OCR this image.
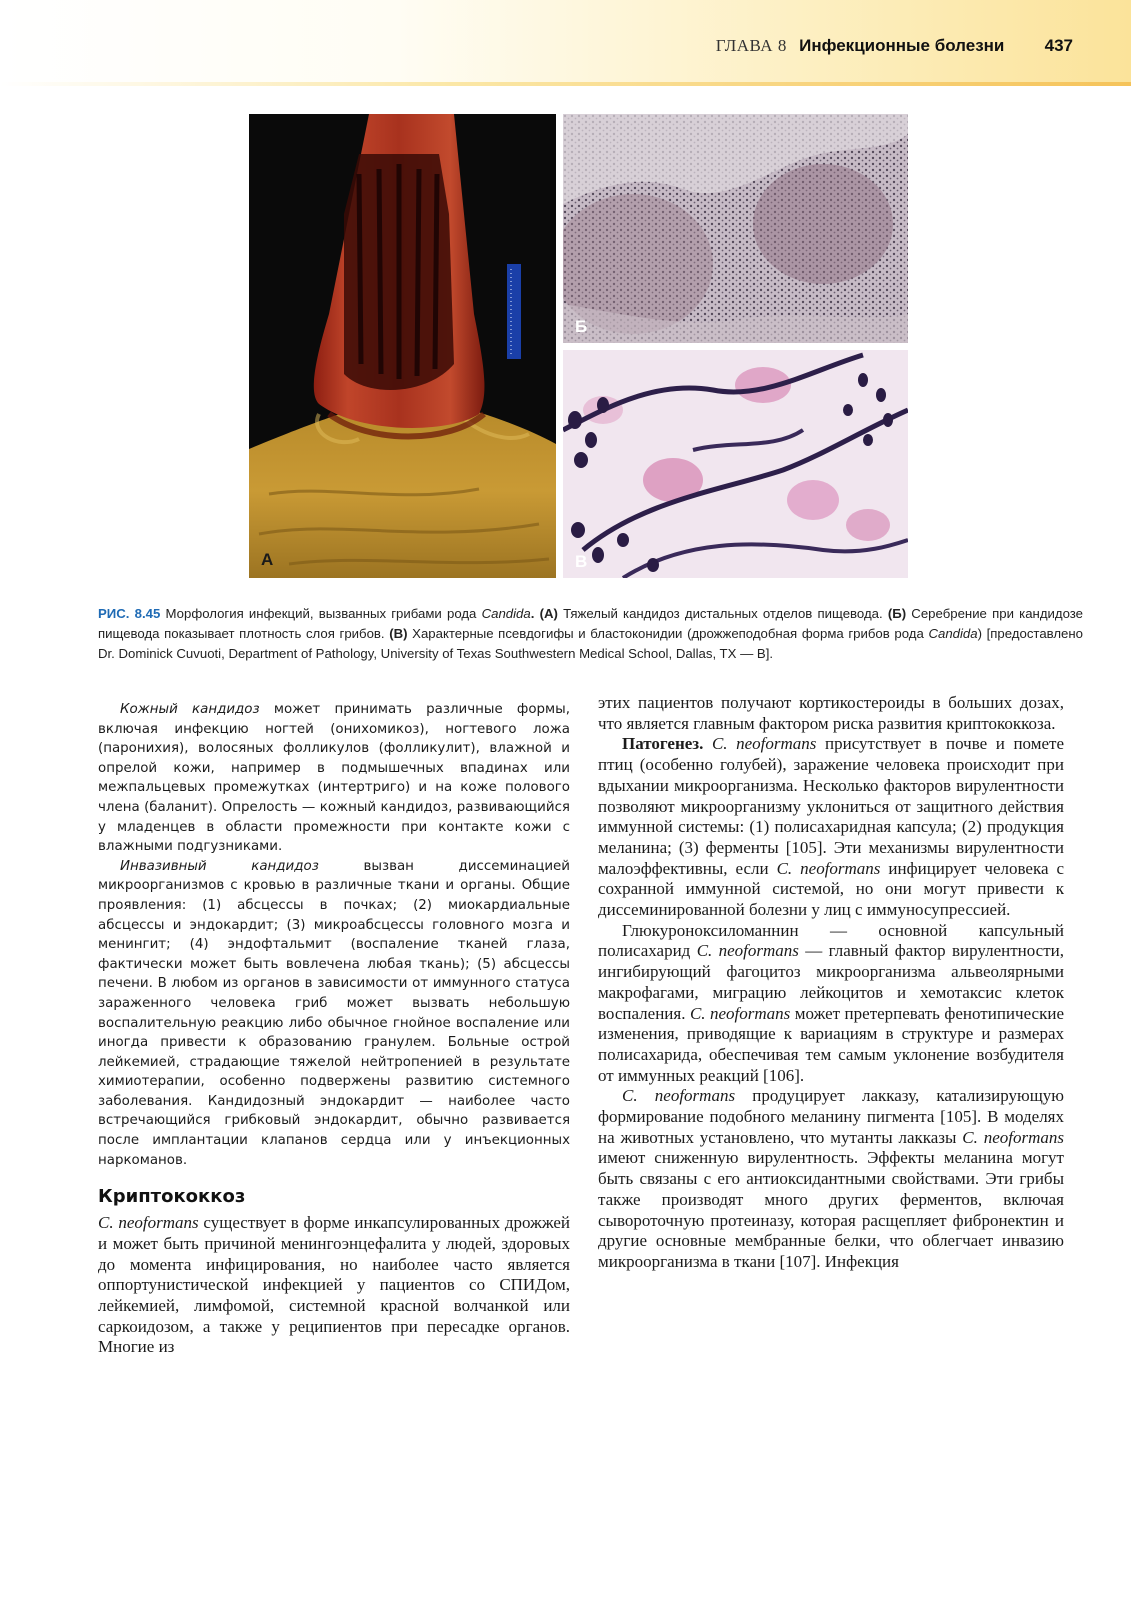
ГЛАВА 8 Инфекционные болезни 437
А
Б
В

РИС. 8.45 Морфология инфекций, вызванных грибами рода Candida. (А) Тяжелый кандидоз дистальных отделов пищевода. (Б) Серебрение при кандидозе пищевода показывает плотность слоя грибов. (В) Характерные псевдогифы и бластоконидии (дрожжеподобная форма грибов рода Candida) [предоставлено Dr. Dominick Cuvuoti, Department of Pathology, University of Texas Southwestern Medical School, Dallas, TX — В].

Кожный кандидоз может принимать различные формы, включая инфекцию ногтей (онихомикоз), ногтевого ложа (паронихия), волосяных фолликулов (фолликулит), влажной и опрелой кожи, например в подмышечных впадинах или межпальцевых промежутках (интертриго) и на коже полового члена (баланит). Опрелость — кожный кандидоз, развивающийся у младенцев в области промежности при контакте кожи с влажными подгузниками.

Инвазивный кандидоз вызван диссеминацией микроорганизмов с кровью в различные ткани и органы. Общие проявления: (1) абсцессы в почках; (2) миокардиальные абсцессы и эндокардит; (3) микроабсцессы головного мозга и менингит; (4) эндофтальмит (воспаление тканей глаза, фактически может быть вовлечена любая ткань); (5) абсцессы печени. В любом из органов в зависимости от иммунного статуса зараженного человека гриб может вызвать небольшую воспалительную реакцию либо обычное гнойное воспаление или иногда привести к образованию гранулем. Больные острой лейкемией, страдающие тяжелой нейтропенией в результате химиотерапии, особенно подвержены развитию системного заболевания. Кандидозный эндокардит — наиболее часто встречающийся грибковый эндокардит, обычно развивается после имплантации клапанов сердца или у инъекционных наркоманов.

Криптококкоз

C. neoformans существует в форме инкапсулированных дрожжей и может быть причиной менингоэнцефалита у людей, здоровых до момента инфицирования, но наиболее часто является оппортунистической инфекцией у пациентов со СПИДом, лейкемией, лимфомой, системной красной волчанкой или саркоидозом, а также у реципиентов при пересадке органов. Многие из

этих пациентов получают кортикостероиды в больших дозах, что является главным фактором риска развития криптококкоза.

Патогенез. C. neoformans присутствует в почве и помете птиц (особенно голубей), заражение человека происходит при вдыхании микроорганизма. Несколько факторов вирулентности позволяют микроорганизму уклониться от защитного действия иммунной системы: (1) полисахаридная капсула; (2) продукция меланина; (3) ферменты [105]. Эти механизмы вирулентности малоэффективны, если C. neoformans инфицирует человека с сохранной иммунной системой, но они могут привести к диссеминированной болезни у лиц с иммуносупрессией.

Глюкуроноксиломаннин — основной капсульный полисахарид C. neoformans — главный фактор вирулентности, ингибирующий фагоцитоз микроорганизма альвеолярными макрофагами, миграцию лейкоцитов и хемотаксис клеток воспаления. C. neoformans может претерпевать фенотипические изменения, приводящие к вариациям в структуре и размерах полисахарида, обеспечивая тем самым уклонение возбудителя от иммунных реакций [106].

C. neoformans продуцирует лакказу, катализирующую формирование подобного меланину пигмента [105]. В моделях на животных установлено, что мутанты лакказы C. neoformans имеют сниженную вирулентность. Эффекты меланина могут быть связаны с его антиоксидантными свойствами. Эти грибы также производят много других ферментов, включая сывороточную протеиназу, которая расщепляет фибронектин и другие основные мембранные белки, что облегчает инвазию микроорганизма в ткани [107]. Инфекция
